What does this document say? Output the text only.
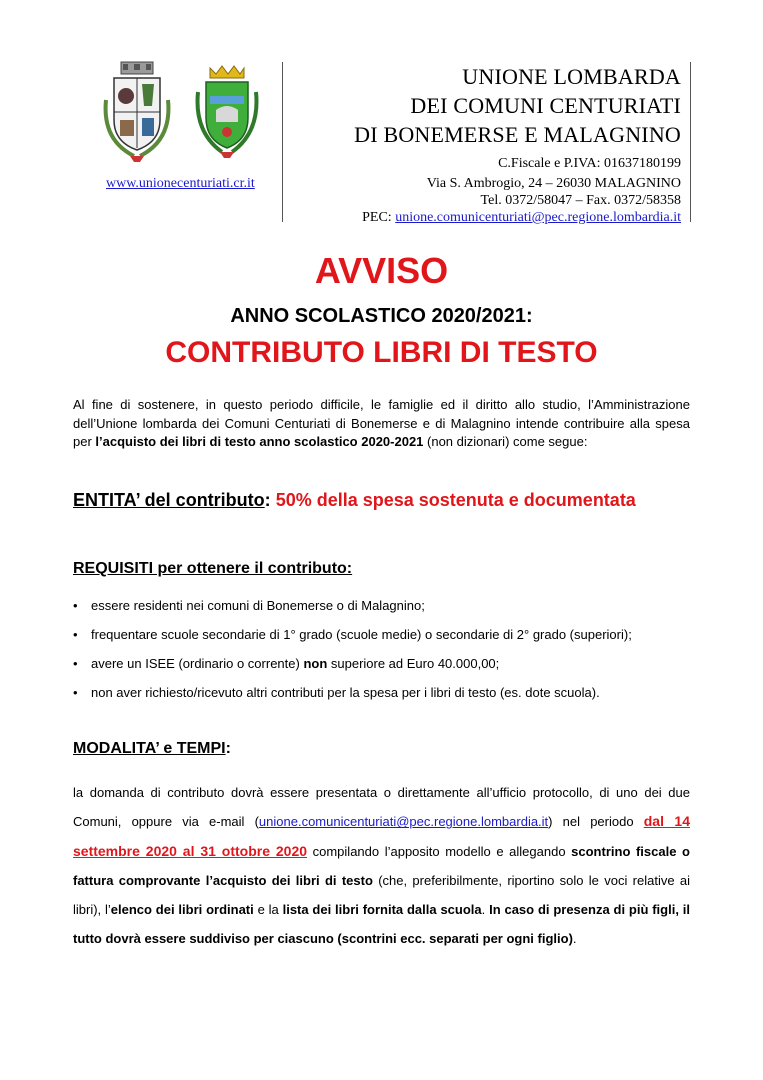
www.unionecenturiati.cr.it
UNIONE LOMBARDA
DEI COMUNI CENTURIATI
DI BONEMERSE E MALAGNINO
C.Fiscale e P.IVA: 01637180199
Via S. Ambrogio, 24 – 26030 MALAGNINO
Tel. 0372/58047 – Fax. 0372/58358
PEC: unione.comunicenturiati@pec.regione.lombardia.it
AVVISO
ANNO SCOLASTICO 2020/2021:
CONTRIBUTO LIBRI DI TESTO
Al fine di sostenere, in questo periodo difficile, le famiglie ed il diritto allo studio, l’Amministrazione dell’Unione lombarda dei Comuni Centuriati di Bonemerse e di Malagnino intende contribuire alla spesa per l’acquisto dei libri di testo anno scolastico 2020-2021 (non dizionari) come segue:
ENTITA’ del contributo: 50% della spesa sostenuta e documentata
REQUISITI per ottenere il contributo:
• essere residenti nei comuni di Bonemerse o di Malagnino;
• frequentare scuole secondarie di 1° grado (scuole medie) o secondarie di 2° grado (superiori);
• avere un ISEE (ordinario o corrente) non superiore ad Euro 40.000,00;
• non aver richiesto/ricevuto altri contributi per la spesa per i libri di testo (es. dote scuola).
MODALITA’ e TEMPI:
la domanda di contributo dovrà essere presentata o direttamente all’ufficio protocollo, di uno dei due Comuni, oppure via e-mail (unione.comunicenturiati@pec.regione.lombardia.it) nel periodo dal 14 settembre 2020 al 31 ottobre 2020 compilando l’apposito modello e allegando scontrino fiscale o fattura comprovante l’acquisto dei libri di testo (che, preferibilmente, riportino solo le voci relative ai libri), l’elenco dei libri ordinati e la lista dei libri fornita dalla scuola. In caso di presenza di più figli, il tutto dovrà essere suddiviso per ciascuno (scontrini ecc. separati per ogni figlio).
